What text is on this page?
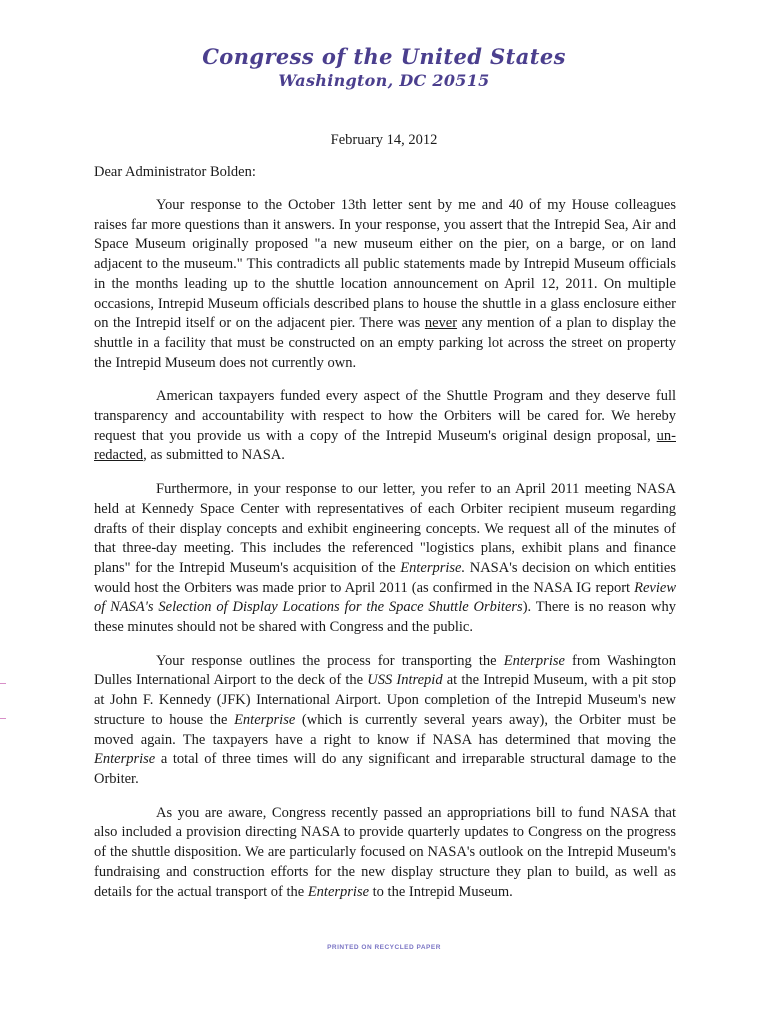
Congress of the United States
Washington, DC 20515
February 14, 2012
Dear Administrator Bolden:

Your response to the October 13th letter sent by me and 40 of my House colleagues raises far more questions than it answers. In your response, you assert that the Intrepid Sea, Air and Space Museum originally proposed "a new museum either on the pier, on a barge, or on land adjacent to the museum." This contradicts all public statements made by Intrepid Museum officials in the months leading up to the shuttle location announcement on April 12, 2011. On multiple occasions, Intrepid Museum officials described plans to house the shuttle in a glass enclosure either on the Intrepid itself or on the adjacent pier. There was never any mention of a plan to display the shuttle in a facility that must be constructed on an empty parking lot across the street on property the Intrepid Museum does not currently own.

American taxpayers funded every aspect of the Shuttle Program and they deserve full transparency and accountability with respect to how the Orbiters will be cared for. We hereby request that you provide us with a copy of the Intrepid Museum's original design proposal, un-redacted, as submitted to NASA.

Furthermore, in your response to our letter, you refer to an April 2011 meeting NASA held at Kennedy Space Center with representatives of each Orbiter recipient museum regarding drafts of their display concepts and exhibit engineering concepts. We request all of the minutes of that three-day meeting. This includes the referenced "logistics plans, exhibit plans and finance plans" for the Intrepid Museum's acquisition of the Enterprise. NASA's decision on which entities would host the Orbiters was made prior to April 2011 (as confirmed in the NASA IG report Review of NASA's Selection of Display Locations for the Space Shuttle Orbiters). There is no reason why these minutes should not be shared with Congress and the public.

Your response outlines the process for transporting the Enterprise from Washington Dulles International Airport to the deck of the USS Intrepid at the Intrepid Museum, with a pit stop at John F. Kennedy (JFK) International Airport. Upon completion of the Intrepid Museum's new structure to house the Enterprise (which is currently several years away), the Orbiter must be moved again. The taxpayers have a right to know if NASA has determined that moving the Enterprise a total of three times will do any significant and irreparable structural damage to the Orbiter.

As you are aware, Congress recently passed an appropriations bill to fund NASA that also included a provision directing NASA to provide quarterly updates to Congress on the progress of the shuttle disposition. We are particularly focused on NASA's outlook on the Intrepid Museum's fundraising and construction efforts for the new display structure they plan to build, as well as details for the actual transport of the Enterprise to the Intrepid Museum.

PRINTED ON RECYCLED PAPER
